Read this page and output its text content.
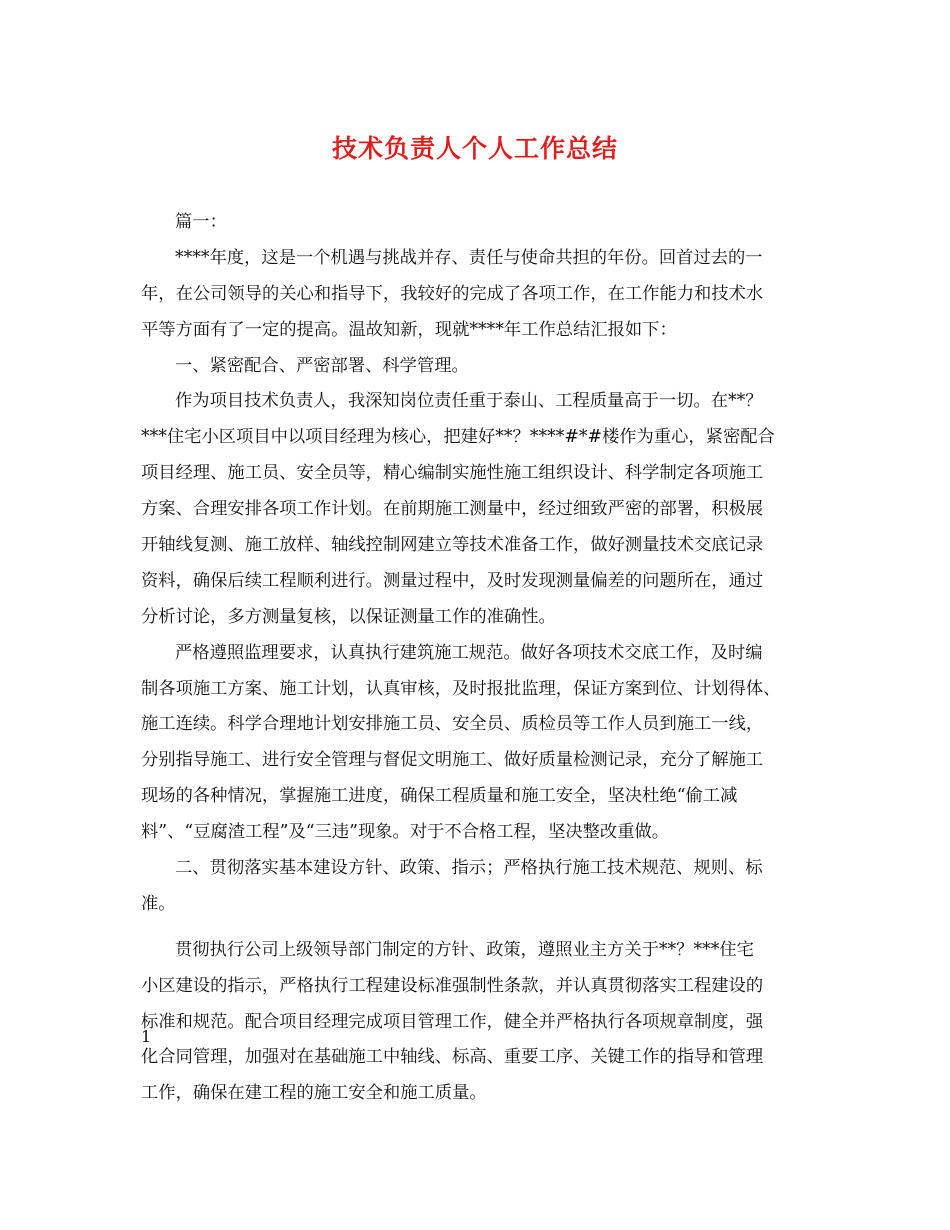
技术负责人个人工作总结
篇一：
****年度，这是一个机遇与挑战并存、责任与使命共担的年份。回首过去的一
年，在公司领导的关心和指导下，我较好的完成了各项工作，在工作能力和技术水
平等方面有了一定的提高。温故知新，现就****年工作总结汇报如下：
一、紧密配合、严密部署、科学管理。
作为项目技术负责人，我深知岗位责任重于泰山、工程质量高于一切。在**？
***住宅小区项目中以项目经理为核心，把建好**？****#*#楼作为重心，紧密配合
项目经理、施工员、安全员等，精心编制实施性施工组织设计、科学制定各项施工
方案、合理安排各项工作计划。在前期施工测量中，经过细致严密的部署，积极展
开轴线复测、施工放样、轴线控制网建立等技术准备工作，做好测量技术交底记录
资料，确保后续工程顺利进行。测量过程中，及时发现测量偏差的问题所在，通过
分析讨论，多方测量复核，以保证测量工作的准确性。
严格遵照监理要求，认真执行建筑施工规范。做好各项技术交底工作，及时编
制各项施工方案、施工计划，认真审核，及时报批监理，保证方案到位、计划得体、
施工连续。科学合理地计划安排施工员、安全员、质检员等工作人员到施工一线，
分别指导施工、进行安全管理与督促文明施工、做好质量检测记录，充分了解施工
现场的各种情况，掌握施工进度，确保工程质量和施工安全，坚决杜绝“偷工减
料”、“豆腐渣工程”及“三违”现象。对于不合格工程，坚决整改重做。
二、贯彻落实基本建设方针、政策、指示；严格执行施工技术规范、规则、标
准。
贯彻执行公司上级领导部门制定的方针、政策，遵照业主方关于**？***住宅
小区建设的指示，严格执行工程建设标准强制性条款，并认真贯彻落实工程建设的
标准和规范。配合项目经理完成项目管理工作，健全并严格执行各项规章制度，强
化合同管理，加强对在基础施工中轴线、标高、重要工序、关键工作的指导和管理
工作，确保在建工程的施工安全和施工质量。
1
